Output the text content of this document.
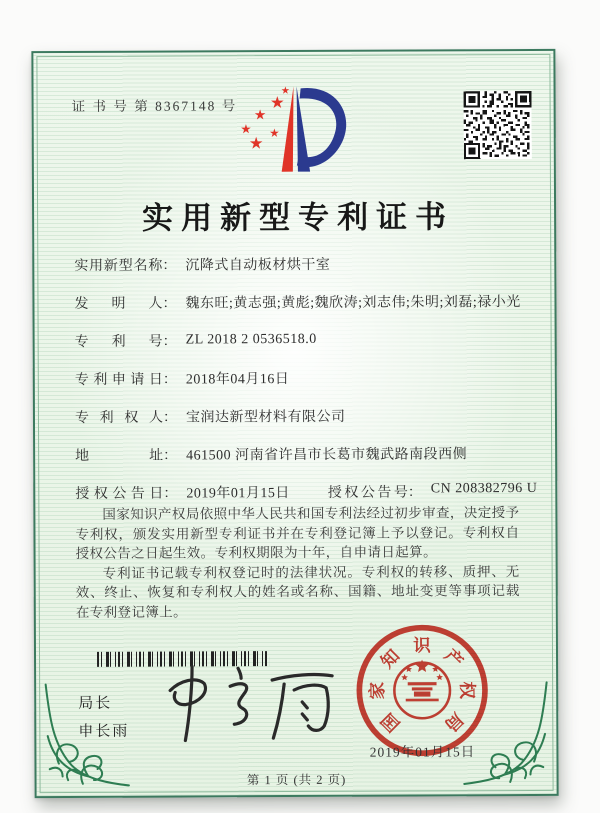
证 书 号 第 8367148 号
实用新型专利证书
实用新型名称 ： 沉降式自动板材烘干室
发明人 ： 魏东旺;黄志强;黄彪;魏欣涛;刘志伟;朱明;刘磊;禄小光
专利号 ： ZL 2018 2 0536518.0
专利申请日 ： 2018年04月16日
专利权人 ： 宝润达新型材料有限公司
地址 ： 461500 河南省许昌市长葛市魏武路南段西侧
授权公告日 ： 2019年01月15日	授权公告号 ： CN 208382796 U

国家知识产权局依照中华人民共和国专利法经过初步审查，决定授予专利权，颁发实用新型专利证书并在专利登记簿上予以登记。专利权自授权公告之日起生效。专利权期限为十年，自申请日起算。

专利证书记载专利权登记时的法律状况。专利权的转移、质押、无效、终止、恢复和专利权人的姓名或名称、国籍、地址变更等事项记载在专利登记簿上。

局长
申长雨	国
家
知
识 产
权
局
2019年01月15日
第 1 页 (共 2 页)
